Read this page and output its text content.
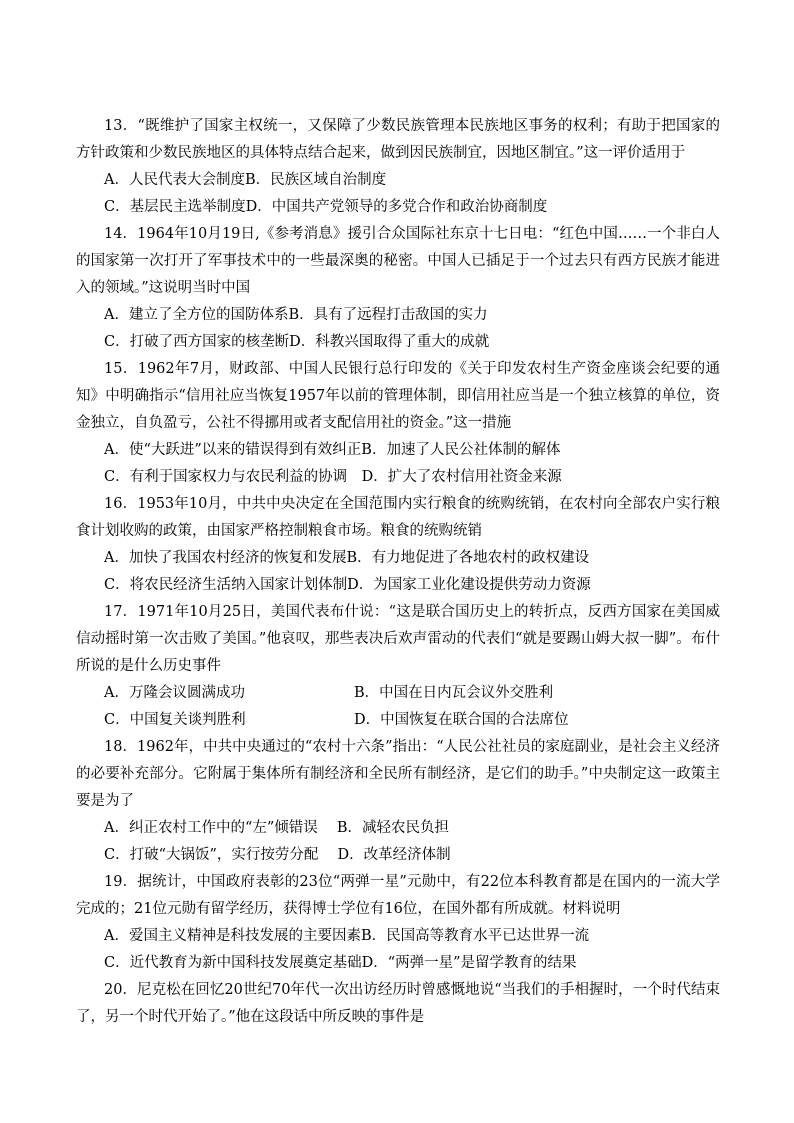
13．“既维护了国家主权统一，又保障了少数民族管理本民族地区事务的权利；有助于把国家的方针政策和少数民族地区的具体特点结合起来，做到因民族制宜，因地区制宜。”这一评价适用于

A．人民代表大会制度B．民族区域自治制度

C．基层民主选举制度D．中国共产党领导的多党合作和政治协商制度

14．1964年10月19日,《参考消息》援引合众国际社东京十七日电：“红色中国……一个非白人的国家第一次打开了军事技术中的一些最深奥的秘密。中国人已插足于一个过去只有西方民族才能进入的领域。”这说明当时中国

A．建立了全方位的国防体系B．具有了远程打击敌国的实力

C．打破了西方国家的核垄断D．科教兴国取得了重大的成就

15．1962年7月，财政部、中国人民银行总行印发的《关于印发农村生产资金座谈会纪要的通知》中明确指示“信用社应当恢复1957年以前的管理体制，即信用社应当是一个独立核算的单位，资金独立，自负盈亏，公社不得挪用或者支配信用社的资金。”这一措施

A．使“大跃进”以来的错误得到有效纠正B．加速了人民公社体制的解体

C．有利于国家权力与农民利益的协调　D．扩大了农村信用社资金来源

16．1953年10月，中共中央决定在全国范围内实行粮食的统购统销，在农村向全部农户实行粮食计划收购的政策，由国家严格控制粮食市场。粮食的统购统销

A．加快了我国农村经济的恢复和发展B．有力地促进了各地农村的政权建设

C．将农民经济生活纳入国家计划体制D．为国家工业化建设提供劳动力资源

17．1971年10月25日，美国代表布什说：“这是联合国历史上的转折点，反西方国家在美国威信动摇时第一次击败了美国。”他哀叹，那些表决后欢声雷动的代表们“就是要踢山姆大叔一脚”。布什所说的是什么历史事件

A．万隆会议圆满成功	B．中国在日内瓦会议外交胜利
C．中国复关谈判胜利	D．中国恢复在联合国的合法席位

18．1962年，中共中央通过的“农村十六条”指出：“人民公社社员的家庭副业，是社会主义经济的必要补充部分。它附属于集体所有制经济和全民所有制经济，是它们的助手。”中央制定这一政策主要是为了

A．纠正农村工作中的“左”倾错误　 B．减轻农民负担

C．打破“大锅饭”，实行按劳分配　 D．改革经济体制

19．据统计，中国政府表彰的23位“两弹一星”元勋中，有22位本科教育都是在国内的一流大学完成的；21位元勋有留学经历，获得博士学位有16位，在国外都有所成就。材料说明

A．爱国主义精神是科技发展的主要因素B．民国高等教育水平已达世界一流

C．近代教育为新中国科技发展奠定基础D．“两弹一星”是留学教育的结果

20．尼克松在回忆20世纪70年代一次出访经历时曾感慨地说“当我们的手相握时，一个时代结束了，另一个时代开始了。”他在这段话中所反映的事件是
